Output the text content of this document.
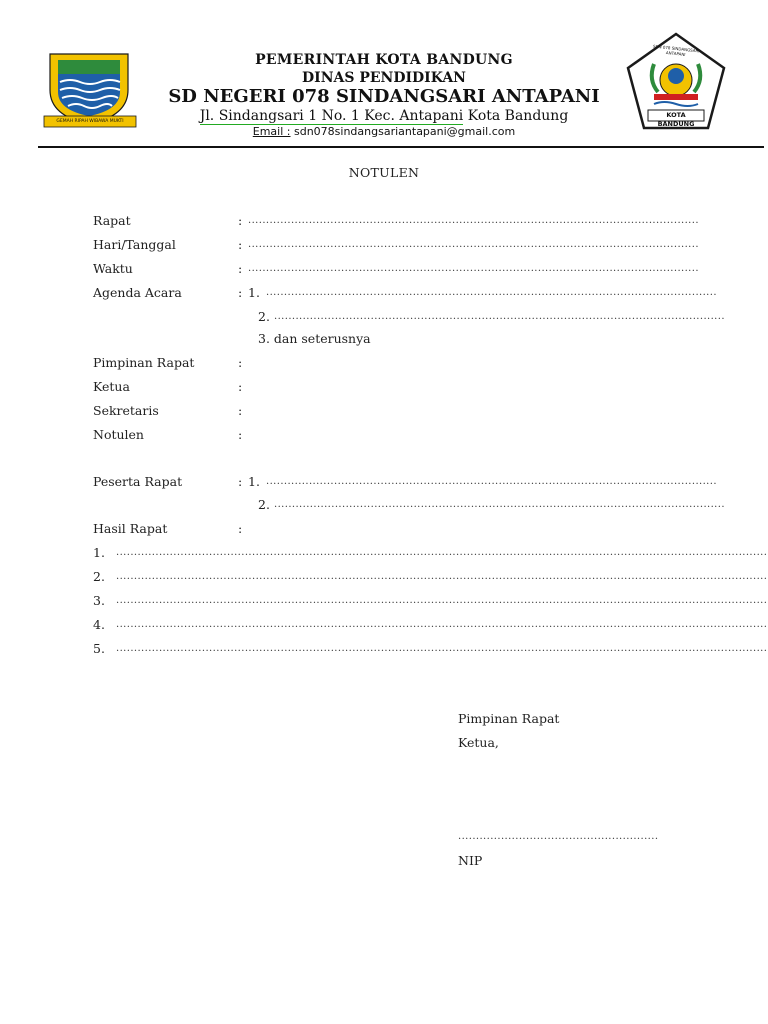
GEMAH RIPAH WIBAWA MUKTI
SDN 078 SINDANGSARI ANTAPANI
KOTA BANDUNG
PEMERINTAH KOTA BANDUNG
DINAS PENDIDIKAN
SD NEGERI 078 SINDANGSARI ANTAPANI
Jl. Sindangsari 1 No. 1 Kec. Antapani Kota Bandung
Email : sdn078sindangsariantapani@gmail.com
NOTULEN
Rapat	: ..............................................................................................................................
Hari/Tanggal	: ..............................................................................................................................
Waktu	: ..............................................................................................................................
Agenda Acara	: 1. ..............................................................................................................................
2. ..............................................................................................................................
3. dan seterusnya
Pimpinan Rapat	:
Ketua	:
Sekretaris	:
Notulen	:
Peserta Rapat	: 1. ..............................................................................................................................
2. ..............................................................................................................................
Hasil Rapat	:
1. ......................................................................................................................................................................................
2. ......................................................................................................................................................................................
3. ......................................................................................................................................................................................
4. ......................................................................................................................................................................................
5. ......................................................................................................................................................................................
Pimpinan Rapat
Ketua,
........................................................
NIP
